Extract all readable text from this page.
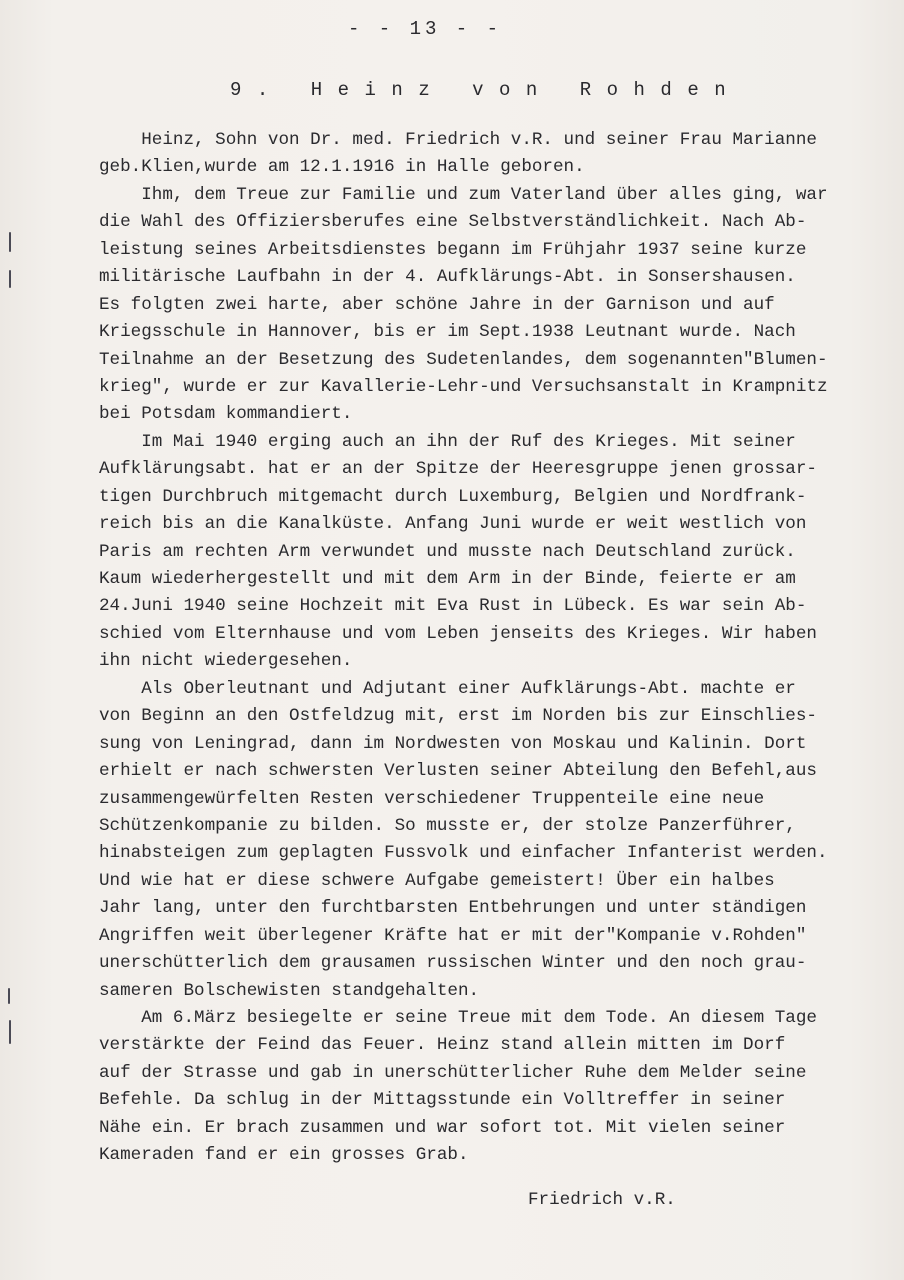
- - 13 - -
9. Heinz von Rohden
Heinz, Sohn von Dr. med. Friedrich v.R. und seiner Frau Marianne
geb.Klien,wurde am 12.1.1916 in Halle geboren.
Ihm, dem Treue zur Familie und zum Vaterland über alles ging, war
die Wahl des Offiziersberufes eine Selbstverständlichkeit. Nach Ab-
leistung seines Arbeitsdienstes begann im Frühjahr 1937 seine kurze
militärische Laufbahn in der 4. Aufklärungs-Abt. in Sonsershausen.
Es folgten zwei harte, aber schöne Jahre in der Garnison und auf
Kriegsschule in Hannover, bis er im Sept.1938 Leutnant wurde. Nach
Teilnahme an der Besetzung des Sudetenlandes, dem sogenannten"Blumen-
krieg", wurde er zur Kavallerie-Lehr-und Versuchsanstalt in Krampnitz
bei Potsdam kommandiert.
Im Mai 1940 erging auch an ihn der Ruf des Krieges. Mit seiner
Aufklärungsabt. hat er an der Spitze der Heeresgruppe jenen grossar-
tigen Durchbruch mitgemacht durch Luxemburg, Belgien und Nordfrank-
reich bis an die Kanalküste. Anfang Juni wurde er weit westlich von
Paris am rechten Arm verwundet und musste nach Deutschland zurück.
Kaum wiederhergestellt und mit dem Arm in der Binde, feierte er am
24.Juni 1940 seine Hochzeit mit Eva Rust in Lübeck. Es war sein Ab-
schied vom Elternhause und vom Leben jenseits des Krieges. Wir haben
ihn nicht wiedergesehen.
Als Oberleutnant und Adjutant einer Aufklärungs-Abt. machte er
von Beginn an den Ostfeldzug mit, erst im Norden bis zur Einschlies-
sung von Leningrad, dann im Nordwesten von Moskau und Kalinin. Dort
erhielt er nach schwersten Verlusten seiner Abteilung den Befehl,aus
zusammengewürfelten Resten verschiedener Truppenteile eine neue
Schützenkompanie zu bilden. So musste er, der stolze Panzerführer,
hinabsteigen zum geplagten Fussvolk und einfacher Infanterist werden.
Und wie hat er diese schwere Aufgabe gemeistert! Über ein halbes
Jahr lang, unter den furchtbarsten Entbehrungen und unter ständigen
Angriffen weit überlegener Kräfte hat er mit der"Kompanie v.Rohden"
unerschütterlich dem grausamen russischen Winter und den noch grau-
sameren Bolschewisten standgehalten.
Am 6.März besiegelte er seine Treue mit dem Tode. An diesem Tage
verstärkte der Feind das Feuer. Heinz stand allein mitten im Dorf
auf der Strasse und gab in unerschütterlicher Ruhe dem Melder seine
Befehle. Da schlug in der Mittagsstunde ein Volltreffer in seiner
Nähe ein. Er brach zusammen und war sofort tot. Mit vielen seiner
Kameraden fand er ein grosses Grab.
Friedrich v.R.
